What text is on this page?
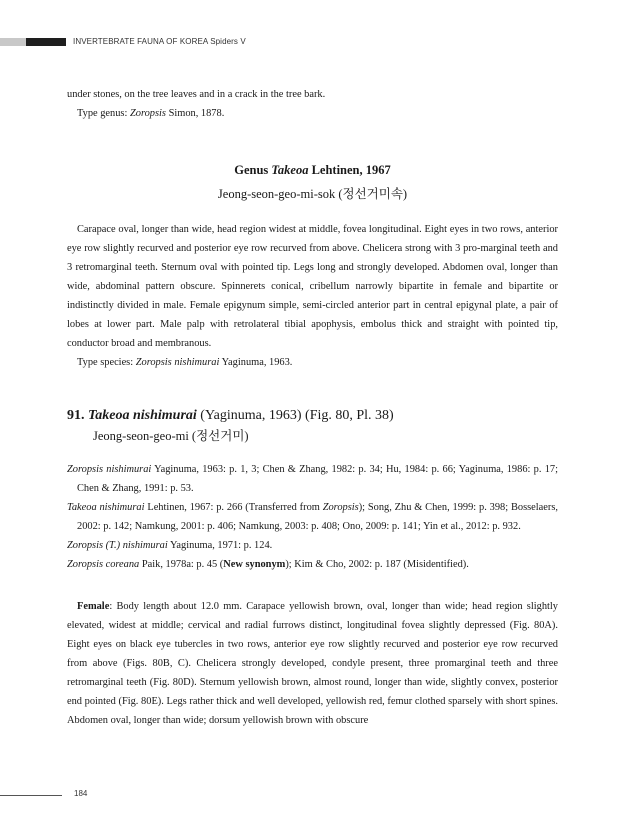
INVERTEBRATE FAUNA OF KOREA Spiders V

under stones, on the tree leaves and in a crack in the tree bark.

Type genus: Zoropsis Simon, 1878.

Genus Takeoa Lehtinen, 1967

Jeong-seon-geo-mi-sok (정선거미속)

Carapace oval, longer than wide, head region widest at middle, fovea longitudinal. Eight eyes in two rows, anterior eye row slightly recurved and posterior eye row recurved from above. Chelicera strong with 3 pro-marginal teeth and 3 retromarginal teeth. Sternum oval with pointed tip. Legs long and strongly developed. Abdomen oval, longer than wide, abdominal pattern obscure. Spinnerets conical, cribellum narrowly bipartite in female and bipartite or indistinctly divided in male. Female epigynum simple, semi-circled anterior part in central epigynal plate, a pair of lobes at lower part. Male palp with retrolateral tibial apophysis, embolus thick and straight with pointed tip, conductor broad and membranous.

Type species: Zoropsis nishimurai Yaginuma, 1963.

91. Takeoa nishimurai (Yaginuma, 1963) (Fig. 80, Pl. 38)

Jeong-seon-geo-mi (정선거미)

Zoropsis nishimurai Yaginuma, 1963: p. 1, 3; Chen & Zhang, 1982: p. 34; Hu, 1984: p. 66; Yaginuma, 1986: p. 17; Chen & Zhang, 1991: p. 53.

Takeoa nishimurai Lehtinen, 1967: p. 266 (Transferred from Zoropsis); Song, Zhu & Chen, 1999: p. 398; Bosselaers, 2002: p. 142; Namkung, 2001: p. 406; Namkung, 2003: p. 408; Ono, 2009: p. 141; Yin et al., 2012: p. 932.

Zoropsis (T.) nishimurai Yaginuma, 1971: p. 124.

Zoropsis coreana Paik, 1978a: p. 45 (New synonym); Kim & Cho, 2002: p. 187 (Misidentified).

Female: Body length about 12.0 mm. Carapace yellowish brown, oval, longer than wide; head region slightly elevated, widest at middle; cervical and radial furrows distinct, longitudinal fovea slightly depressed (Fig. 80A). Eight eyes on black eye tubercles in two rows, anterior eye row slightly recurved and posterior eye row recurved from above (Figs. 80B, C). Chelicera strongly developed, condyle present, three promarginal teeth and three retromarginal teeth (Fig. 80D). Sternum yellowish brown, almost round, longer than wide, slightly convex, posterior end pointed (Fig. 80E). Legs rather thick and well developed, yellowish red, femur clothed sparsely with short spines. Abdomen oval, longer than wide; dorsum yellowish brown with obscure

184
